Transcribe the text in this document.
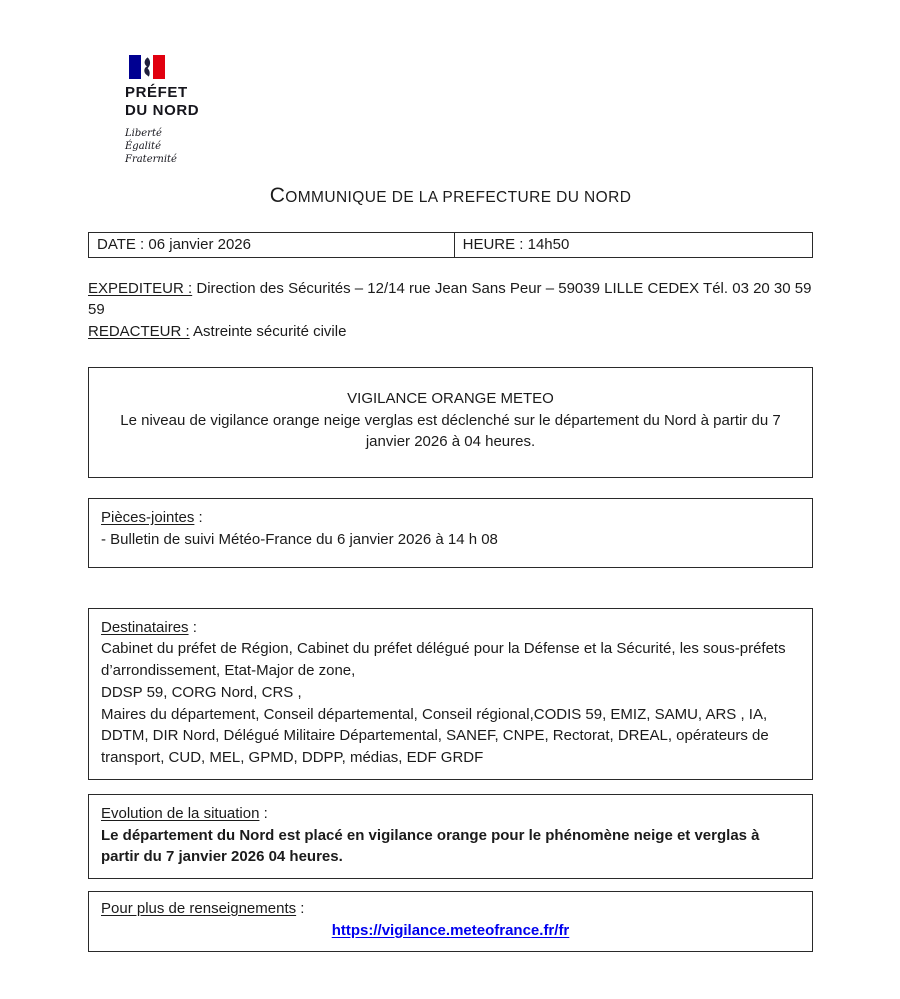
PRÉFET
DU NORD
Liberté
Égalité
Fraternité
COMMUNIQUE DE LA PREFECTURE DU NORD
DATE : 06 janvier 2026	HEURE : 14h50

EXPEDITEUR : Direction des Sécurités – 12/14 rue Jean Sans Peur – 59039 LILLE CEDEX Tél. 03 20 30 59 59

REDACTEUR : Astreinte sécurité civile

VIGILANCE ORANGE METEO

Le niveau de vigilance orange neige verglas est déclenché sur le département du Nord à partir du 7 janvier 2026 à 04 heures.

Pièces-jointes :

- Bulletin de suivi Météo-France du 6 janvier 2026 à 14 h 08

Destinataires :

Cabinet du préfet de Région, Cabinet du préfet délégué pour la Défense et la Sécurité, les sous-préfets d’arrondissement, Etat-Major de zone,

DDSP 59, CORG Nord, CRS ,

Maires du département, Conseil départemental, Conseil régional,CODIS 59, EMIZ, SAMU, ARS , IA, DDTM, DIR Nord, Délégué Militaire Départemental, SANEF, CNPE, Rectorat, DREAL, opérateurs de transport, CUD, MEL, GPMD, DDPP, médias, EDF GRDF

Evolution de la situation :

Le département du Nord est placé en vigilance orange pour le phénomène neige et verglas à partir du 7 janvier 2026 04 heures.

Pour plus de renseignements :

https://vigilance.meteofrance.fr/fr
